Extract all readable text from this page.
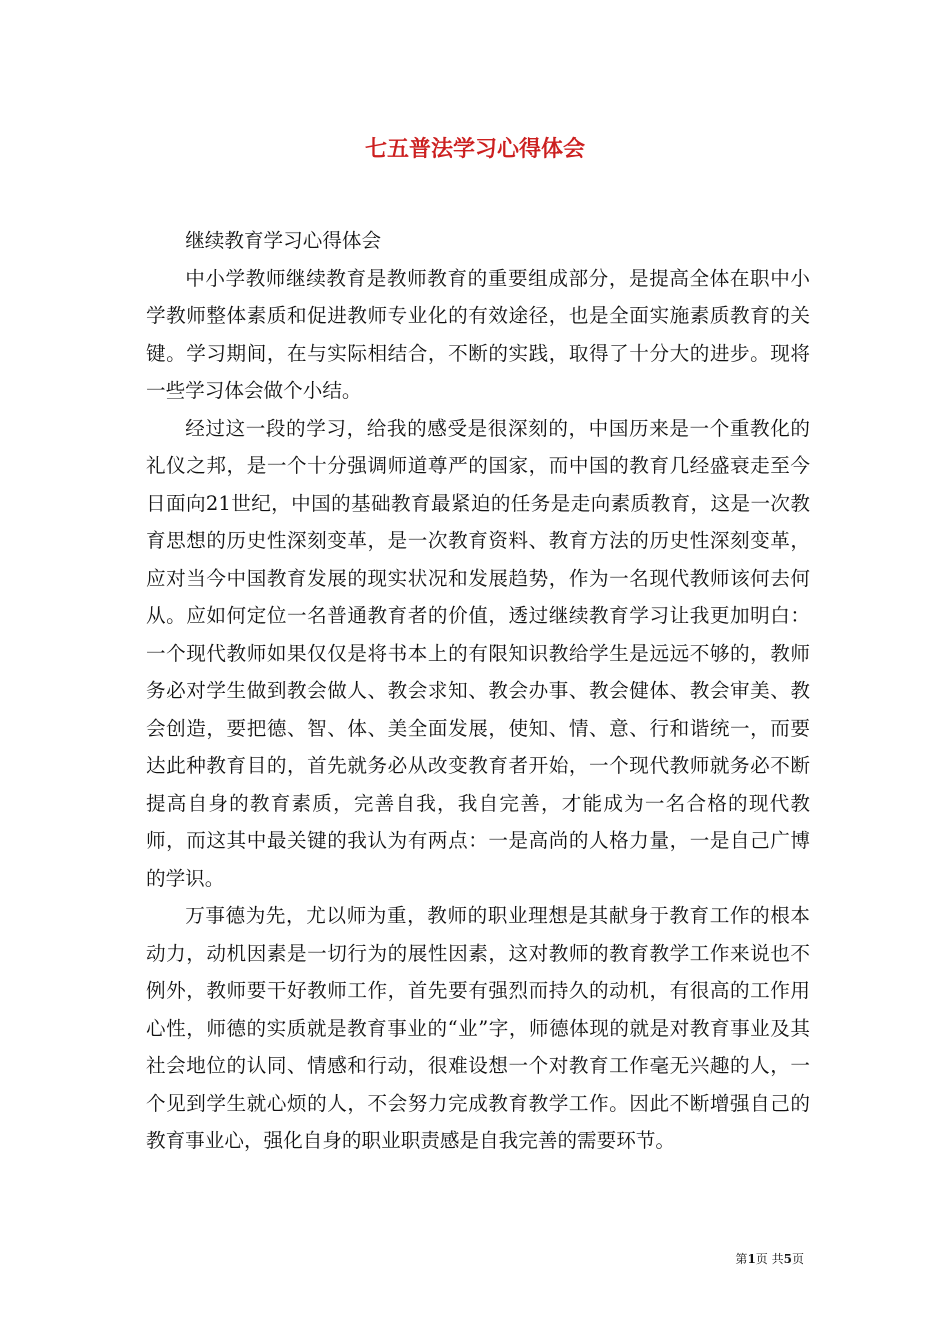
七五普法学习心得体会

继续教育学习心得体会

中小学教师继续教育是教师教育的重要组成部分，是提高全体在职中小学教师整体素质和促进教师专业化的有效途径，也是全面实施素质教育的关键。学习期间，在与实际相结合，不断的实践，取得了十分大的进步。现将一些学习体会做个小结。

经过这一段的学习，给我的感受是很深刻的，中国历来是一个重教化的礼仪之邦，是一个十分强调师道尊严的国家，而中国的教育几经盛衰走至今日面向21世纪，中国的基础教育最紧迫的任务是走向素质教育，这是一次教育思想的历史性深刻变革，是一次教育资料、教育方法的历史性深刻变革，应对当今中国教育发展的现实状况和发展趋势，作为一名现代教师该何去何从。应如何定位一名普通教育者的价值，透过继续教育学习让我更加明白：一个现代教师如果仅仅是将书本上的有限知识教给学生是远远不够的，教师务必对学生做到教会做人、教会求知、教会办事、教会健体、教会审美、教会创造，要把德、智、体、美全面发展，使知、情、意、行和谐统一，而要达此种教育目的，首先就务必从改变教育者开始，一个现代教师就务必不断提高自身的教育素质，完善自我，我自完善，才能成为一名合格的现代教师，而这其中最关键的我认为有两点：一是高尚的人格力量，一是自己广博的学识。

万事德为先，尤以师为重，教师的职业理想是其献身于教育工作的根本动力，动机因素是一切行为的展性因素，这对教师的教育教学工作来说也不例外，教师要干好教师工作，首先要有强烈而持久的动机，有很高的工作用心性，师德的实质就是教育事业的“业”字，师德体现的就是对教育事业及其社会地位的认同、情感和行动，很难设想一个对教育工作毫无兴趣的人，一个见到学生就心烦的人，不会努力完成教育教学工作。因此不断增强自己的教育事业心，强化自身的职业职责感是自我完善的需要环节。

第1页 共5页
